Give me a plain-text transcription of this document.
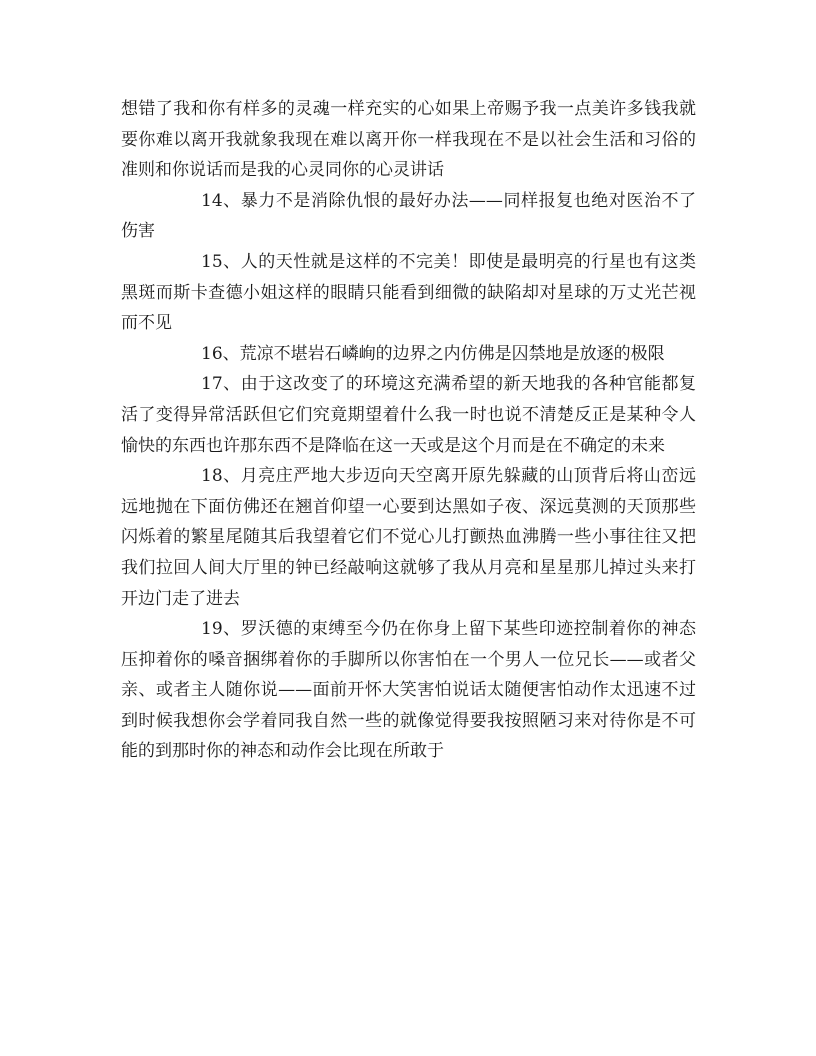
想错了我和你有样多的灵魂一样充实的心如果上帝赐予我一点美许多钱我就要你难以离开我就象我现在难以离开你一样我现在不是以社会生活和习俗的准则和你说话而是我的心灵同你的心灵讲话

14、暴力不是消除仇恨的最好办法——同样报复也绝对医治不了伤害

15、人的天性就是这样的不完美！即使是最明亮的行星也有这类黑斑而斯卡查德小姐这样的眼睛只能看到细微的缺陷却对星球的万丈光芒视而不见

16、荒凉不堪岩石嶙峋的边界之内仿佛是囚禁地是放逐的极限

17、由于这改变了的环境这充满希望的新天地我的各种官能都复活了变得异常活跃但它们究竟期望着什么我一时也说不清楚反正是某种令人愉快的东西也许那东西不是降临在这一天或是这个月而是在不确定的未来

18、月亮庄严地大步迈向天空离开原先躲藏的山顶背后将山峦远远地抛在下面仿佛还在翘首仰望一心要到达黑如子夜、深远莫测的天顶那些闪烁着的繁星尾随其后我望着它们不觉心儿打颤热血沸腾一些小事往往又把我们拉回人间大厅里的钟已经敲响这就够了我从月亮和星星那儿掉过头来打开边门走了进去

19、罗沃德的束缚至今仍在你身上留下某些印迹控制着你的神态压抑着你的嗓音捆绑着你的手脚所以你害怕在一个男人一位兄长——或者父亲、或者主人随你说——面前开怀大笑害怕说话太随便害怕动作太迅速不过到时候我想你会学着同我自然一些的就像觉得要我按照陋习来对待你是不可能的到那时你的神态和动作会比现在所敢于
